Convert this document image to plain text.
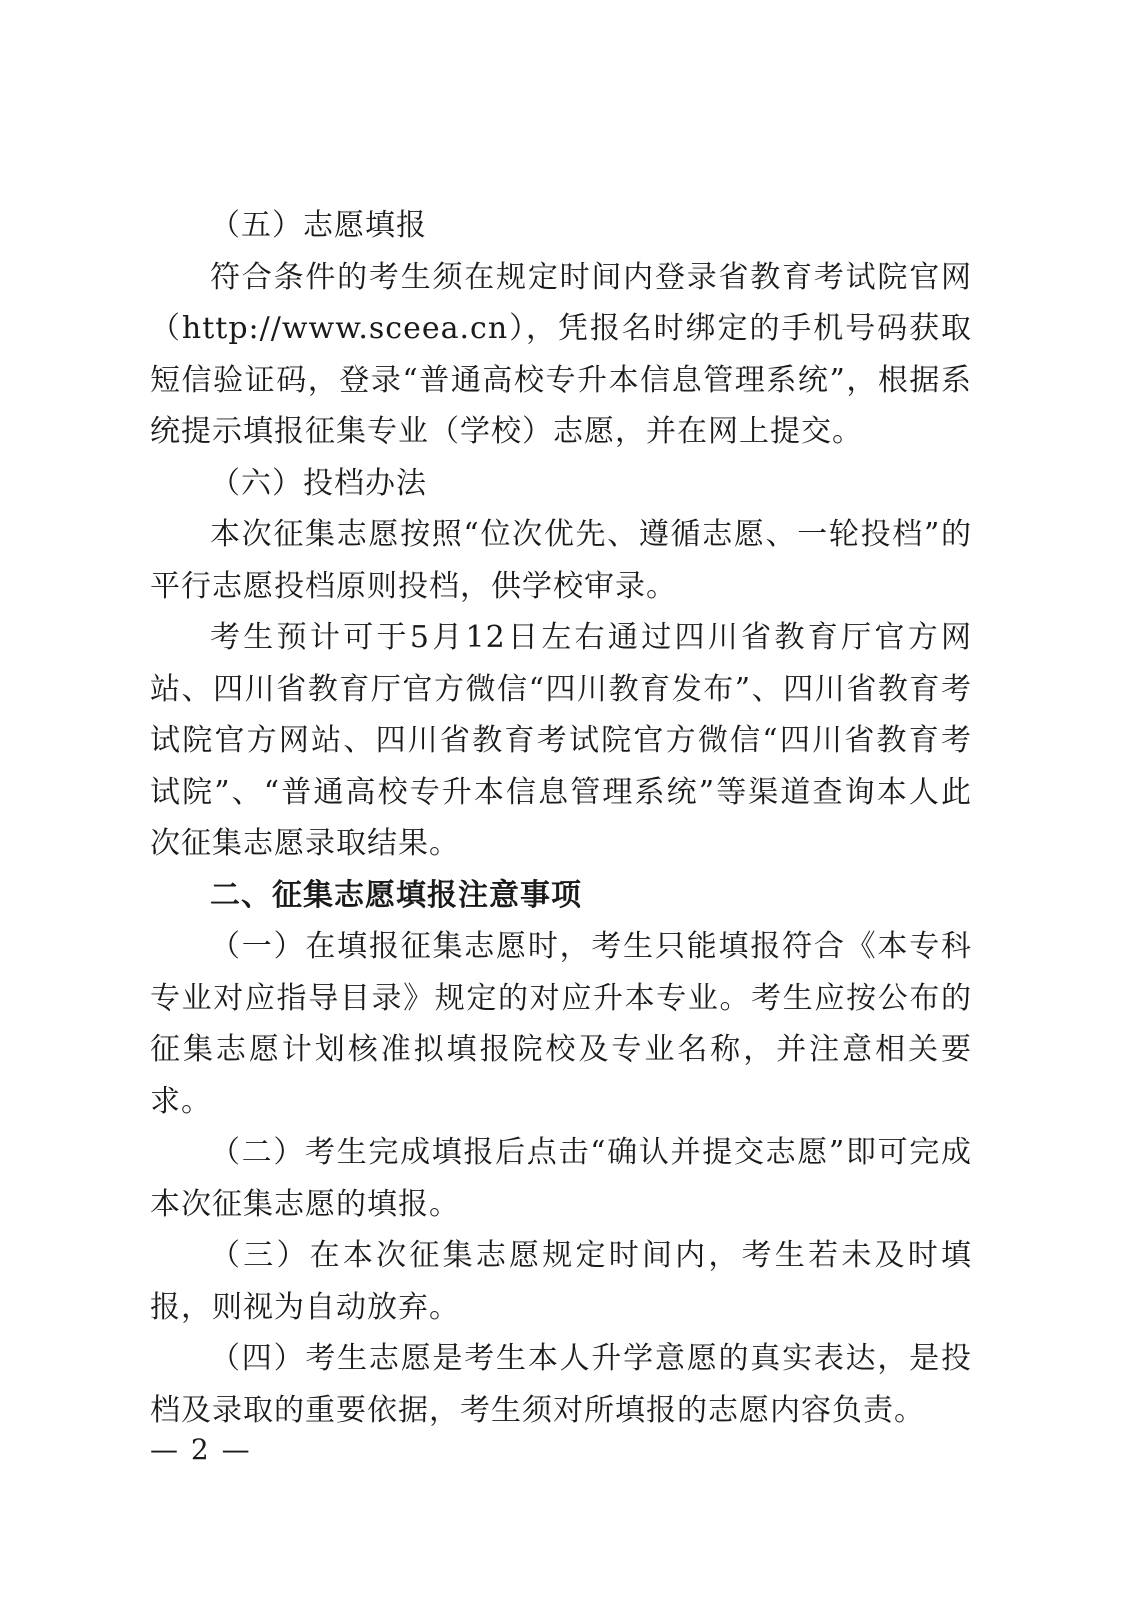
（五）志愿填报

符合条件的考生须在规定时间内登录省教育考试院官网（http://www.sceea.cn），凭报名时绑定的手机号码获取短信验证码，登录“普通高校专升本信息管理系统”，根据系统提示填报征集专业（学校）志愿，并在网上提交。

（六）投档办法

本次征集志愿按照“位次优先、遵循志愿、一轮投档”的平行志愿投档原则投档，供学校审录。

考生预计可于5月12日左右通过四川省教育厅官方网站、四川省教育厅官方微信“四川教育发布”、四川省教育考试院官方网站、四川省教育考试院官方微信“四川省教育考试院”、“普通高校专升本信息管理系统”等渠道查询本人此次征集志愿录取结果。

二、征集志愿填报注意事项

（一）在填报征集志愿时，考生只能填报符合《本专科专业对应指导目录》规定的对应升本专业。考生应按公布的征集志愿计划核准拟填报院校及专业名称，并注意相关要求。

（二）考生完成填报后点击“确认并提交志愿”即可完成本次征集志愿的填报。

（三）在本次征集志愿规定时间内，考生若未及时填报，则视为自动放弃。

（四）考生志愿是考生本人升学意愿的真实表达，是投档及录取的重要依据，考生须对所填报的志愿内容负责。

— 2 —
